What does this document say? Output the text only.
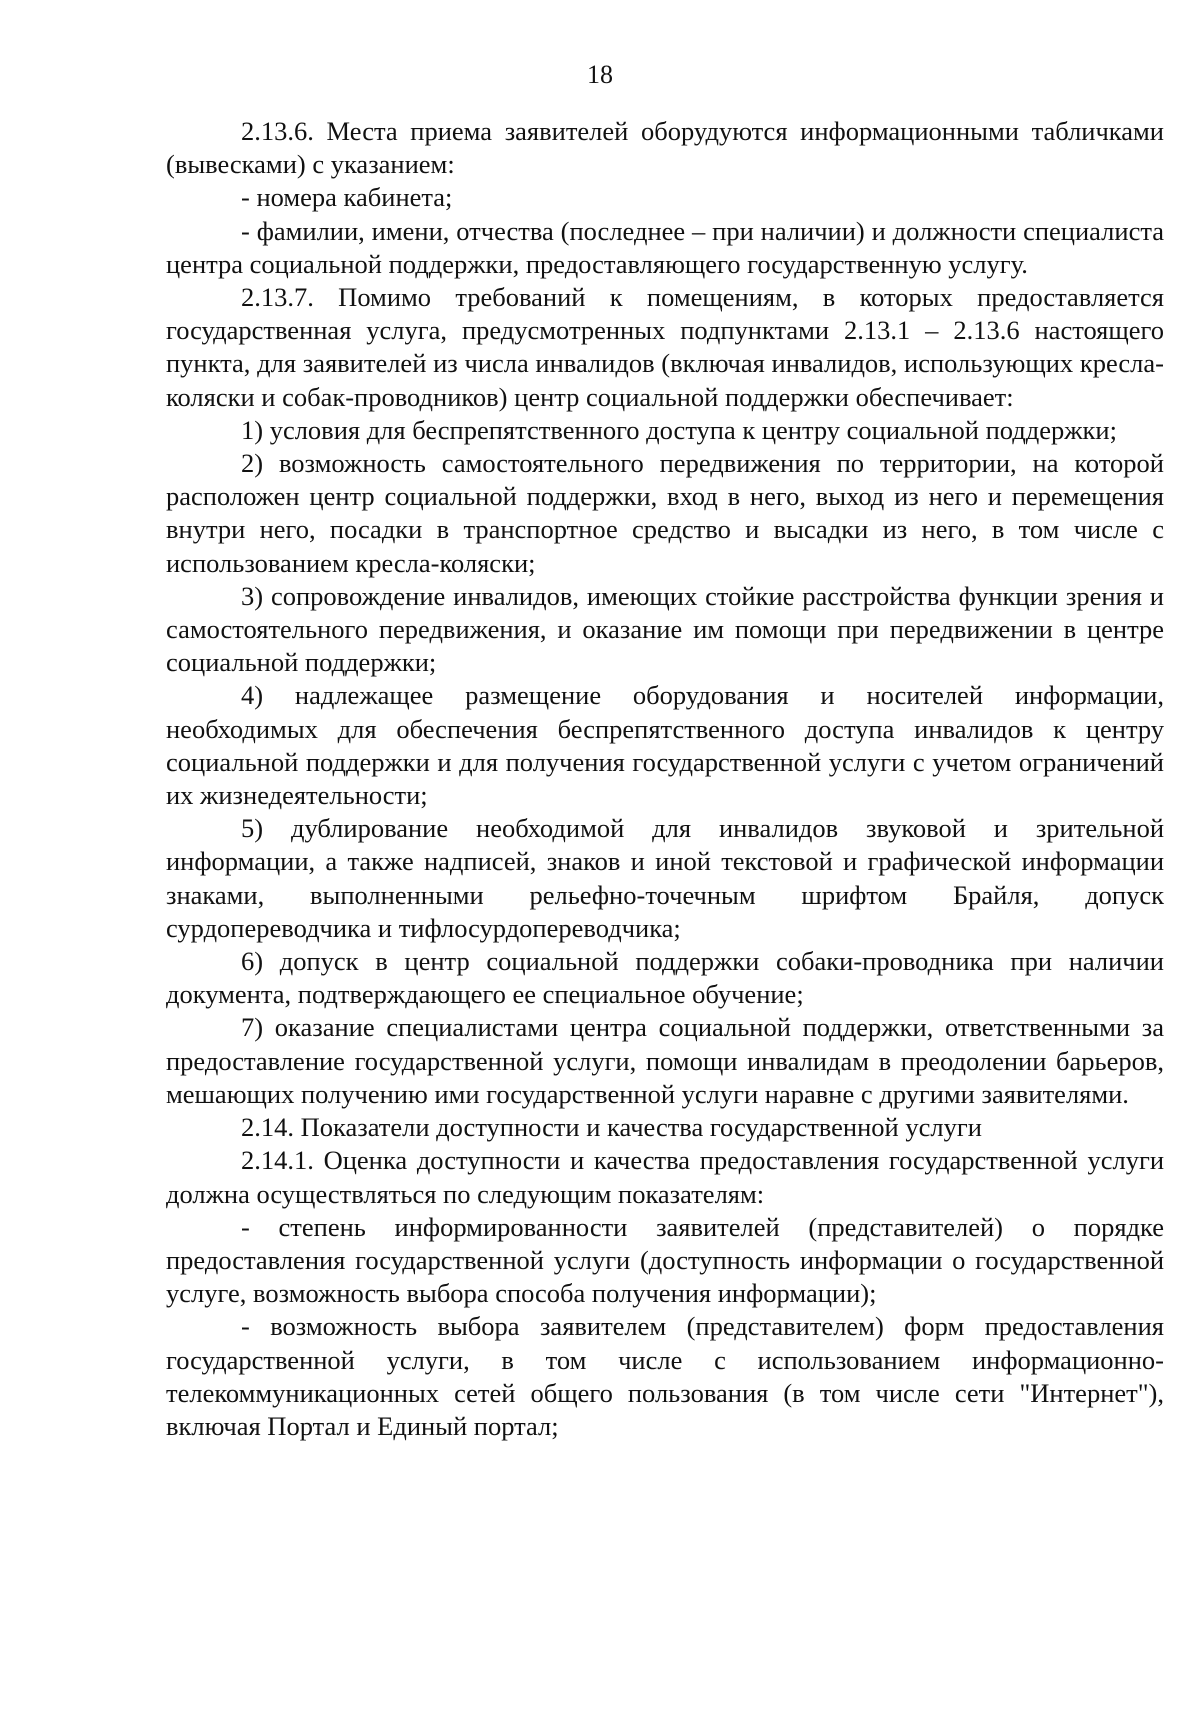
18

2.13.6. Места приема заявителей оборудуются информационными табличками (вывесками) с указанием:

- номера кабинета;

- фамилии, имени, отчества (последнее – при наличии) и должности специалиста центра социальной поддержки, предоставляющего государственную услугу.

2.13.7. Помимо требований к помещениям, в которых предоставляется государственная услуга, предусмотренных подпунктами 2.13.1 – 2.13.6 настоящего пункта, для заявителей из числа инвалидов (включая инвалидов, использующих кресла-коляски и собак-проводников) центр социальной поддержки обеспечивает:

1) условия для беспрепятственного доступа к центру социальной поддержки;

2) возможность самостоятельного передвижения по территории, на которой расположен центр социальной поддержки, вход в него, выход из него и перемещения внутри него, посадки в транспортное средство и высадки из него, в том числе с использованием кресла-коляски;

3) сопровождение инвалидов, имеющих стойкие расстройства функции зрения и самостоятельного передвижения, и оказание им помощи при передвижении в центре социальной поддержки;

4) надлежащее размещение оборудования и носителей информации, необходимых для обеспечения беспрепятственного доступа инвалидов к центру социальной поддержки и для получения государственной услуги с учетом ограничений их жизнедеятельности;

5) дублирование необходимой для инвалидов звуковой и зрительной информации, а также надписей, знаков и иной текстовой и графической информации знаками, выполненными рельефно-точечным шрифтом Брайля, допуск сурдопереводчика и тифлосурдопереводчика;

6) допуск в центр социальной поддержки собаки-проводника при наличии документа, подтверждающего ее специальное обучение;

7) оказание специалистами центра социальной поддержки, ответственными за предоставление государственной услуги, помощи инвалидам в преодолении барьеров, мешающих получению ими государственной услуги наравне с другими заявителями.

2.14. Показатели доступности и качества государственной услуги

2.14.1. Оценка доступности и качества предоставления государственной услуги должна осуществляться по следующим показателям:

- степень информированности заявителей (представителей) о порядке предоставления государственной услуги (доступность информации о государственной услуге, возможность выбора способа получения информации);

- возможность выбора заявителем (представителем) форм предоставления государственной услуги, в том числе с использованием информационно-телекоммуникационных сетей общего пользования (в том числе сети "Интернет"), включая Портал и Единый портал;
